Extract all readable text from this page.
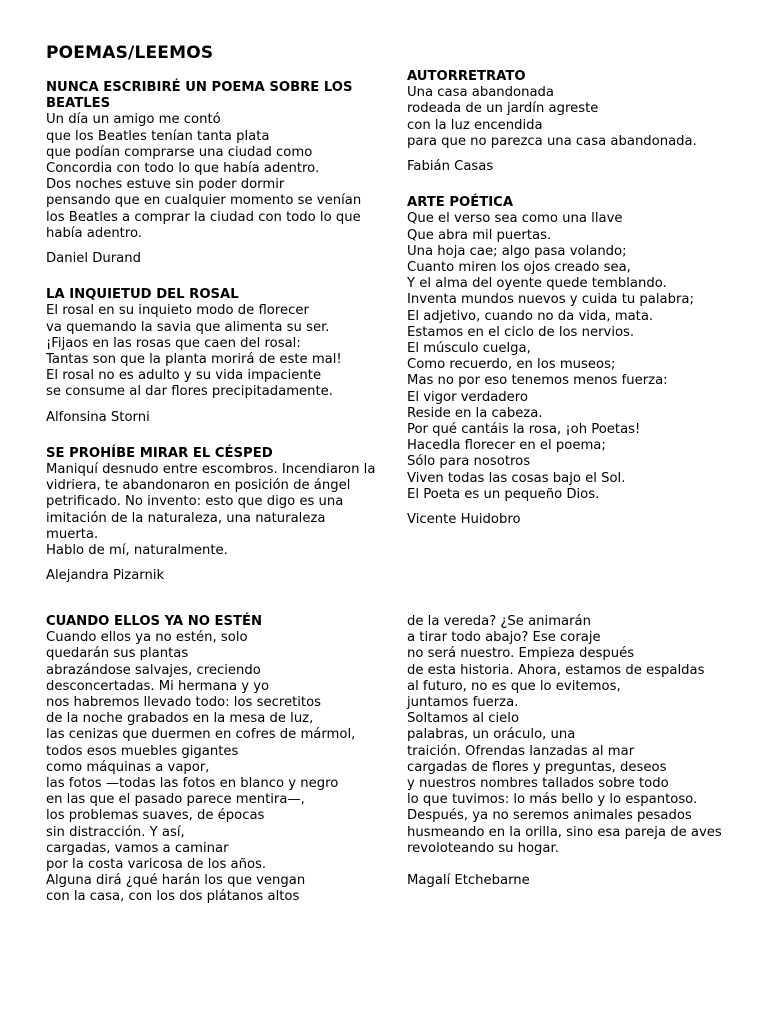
POEMAS/LEEMOS
NUNCA ESCRIBIRÉ UN POEMA SOBRE LOS
BEATLES
Un día un amigo me contó
que los Beatles tenían tanta plata
que podían comprarse una ciudad como
Concordia con todo lo que había adentro.
Dos noches estuve sin poder dormir
pensando que en cualquier momento se venían
los Beatles a comprar la ciudad con todo lo que
había adentro.
Daniel Durand
LA INQUIETUD DEL ROSAL
El rosal en su inquieto modo de florecer
va quemando la savia que alimenta su ser.
¡Fijaos en las rosas que caen del rosal:
Tantas son que la planta morirá de este mal!
El rosal no es adulto y su vida impaciente
se consume al dar flores precipitadamente.
Alfonsina Storni
SE PROHÍBE MIRAR EL CÉSPED
Maniquí desnudo entre escombros. Incendiaron la
vidriera, te abandonaron en posición de ángel
petrificado. No invento: esto que digo es una
imitación de la naturaleza, una naturaleza
muerta.
Hablo de mí, naturalmente.
Alejandra Pizarnik
AUTORRETRATO
Una casa abandonada
rodeada de un jardín agreste
con la luz encendida
para que no parezca una casa abandonada.
Fabián Casas
ARTE POÉTICA
Que el verso sea como una llave
Que abra mil puertas.
Una hoja cae; algo pasa volando;
Cuanto miren los ojos creado sea,
Y el alma del oyente quede temblando.
Inventa mundos nuevos y cuida tu palabra;
El adjetivo, cuando no da vida, mata.
Estamos en el ciclo de los nervios.
El músculo cuelga,
Como recuerdo, en los museos;
Mas no por eso tenemos menos fuerza:
El vigor verdadero
Reside en la cabeza.
Por qué cantáis la rosa, ¡oh Poetas!
Hacedla florecer en el poema;
Sólo para nosotros
Viven todas las cosas bajo el Sol.
El Poeta es un pequeño Dios.
Vicente Huidobro
CUANDO ELLOS YA NO ESTÉN
Cuando ellos ya no estén, solo
quedarán sus plantas
abrazándose salvajes, creciendo
desconcertadas. Mi hermana y yo
nos habremos llevado todo: los secretitos
de la noche grabados en la mesa de luz,
las cenizas que duermen en cofres de mármol,
todos esos muebles gigantes
como máquinas a vapor,
las fotos —todas las fotos en blanco y negro
en las que el pasado parece mentira—,
los problemas suaves, de épocas
sin distracción. Y así,
cargadas, vamos a caminar
por la costa varicosa de los años.
Alguna dirá ¿qué harán los que vengan
con la casa, con los dos plátanos altos
de la vereda? ¿Se animarán
a tirar todo abajo? Ese coraje
no será nuestro. Empieza después
de esta historia. Ahora, estamos de espaldas
al futuro, no es que lo evitemos,
juntamos fuerza.
Soltamos al cielo
palabras, un oráculo, una
traición. Ofrendas lanzadas al mar
cargadas de flores y preguntas, deseos
y nuestros nombres tallados sobre todo
lo que tuvimos: lo más bello y lo espantoso.
Después, ya no seremos animales pesados
husmeando en la orilla, sino esa pareja de aves
revoloteando su hogar.
Magalí Etchebarne
